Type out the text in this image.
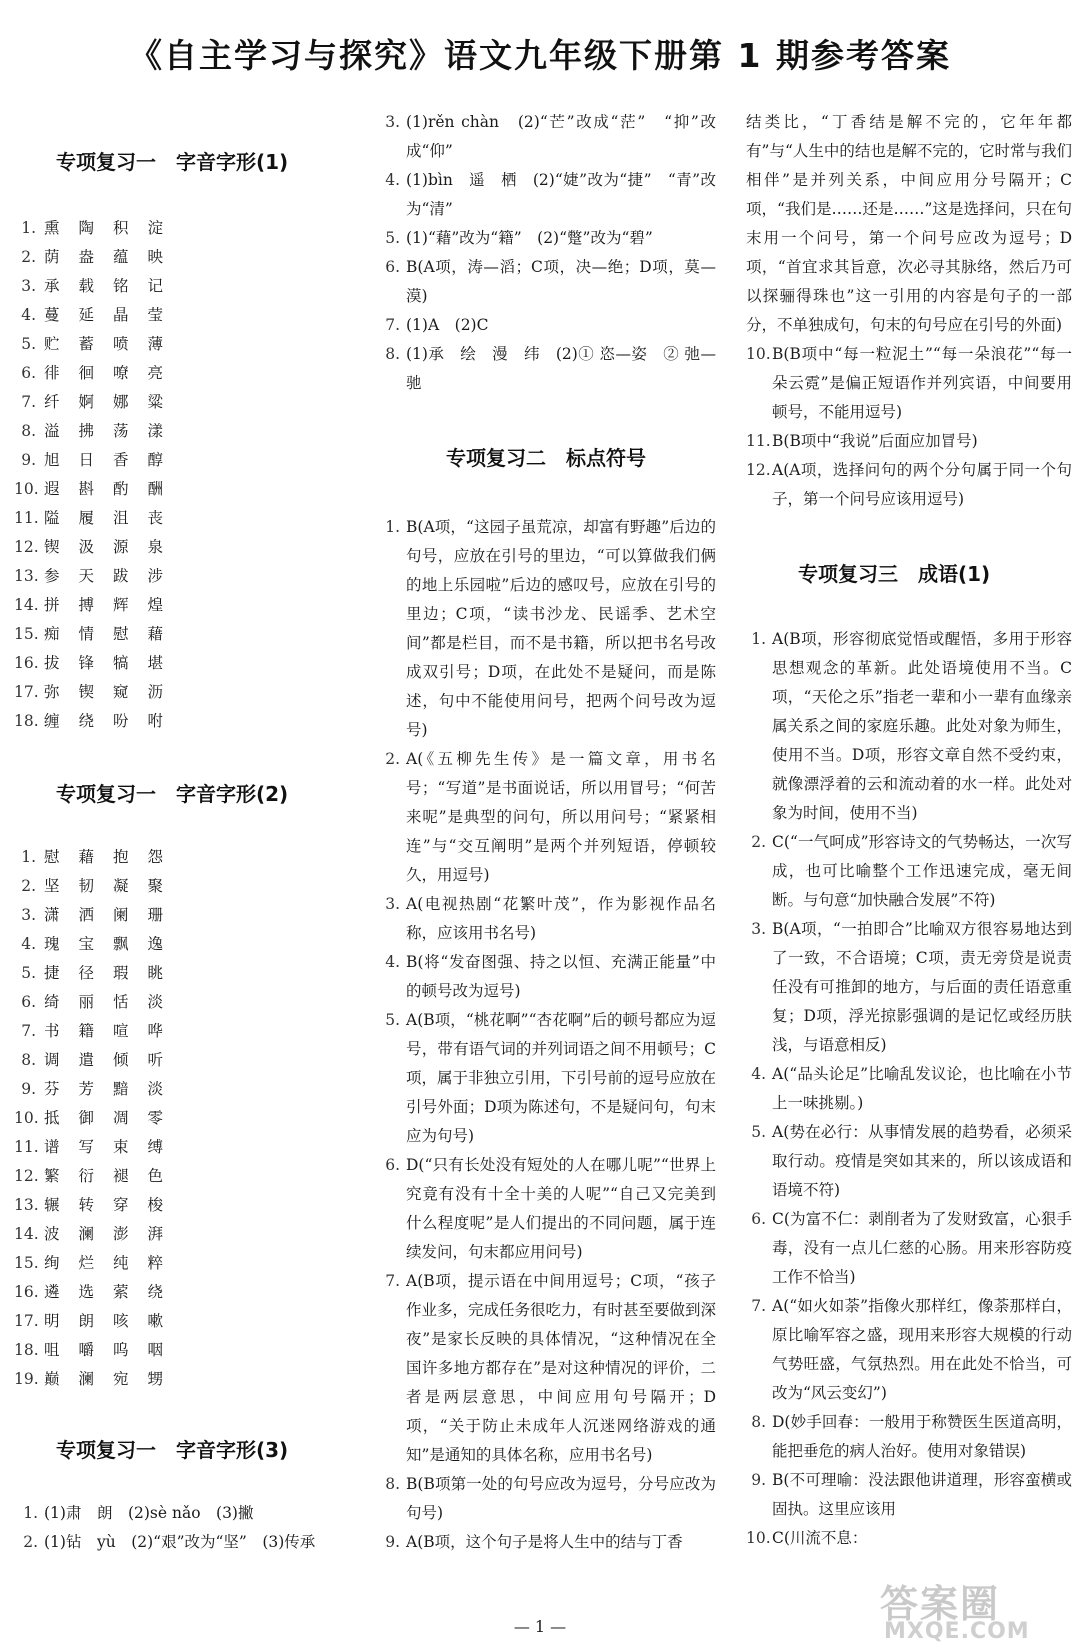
《自主学习与探究》语文九年级下册第 1 期参考答案
专项复习一　字音字形(1)
1. 熏陶积淀
2. 荫盎蕴映
3. 承载铭记
4. 蔓延晶莹
5. 贮蓄喷薄
6. 徘徊嘹亮
7. 纤婀娜粱
8. 溢拂荡漾
9. 旭日香醇
10. 遐斟酌酬
11. 隘履沮丧
12. 锲汲源泉
13. 参天跋涉
14. 拼搏辉煌
15. 痴情慰藉
16. 拔锋犒堪
17. 弥锲窥沥
18. 缠绕吩咐
专项复习一　字音字形(2)
1. 慰藉抱怨
2. 坚韧凝聚
3. 潇洒阑珊
4. 瑰宝飘逸
5. 捷径瑕眺
6. 绮丽恬淡
7. 书籍喧哗
8. 调遣倾听
9. 芬芳黯淡
10. 抵御凋零
11. 谱写束缚
12. 繁衍褪色
13. 辗转穿梭
14. 波澜澎湃
15. 绚烂纯粹
16. 遴选萦绕
17. 明朗咳嗽
18. 咀嚼呜咽
19. 巅澜宛甥
专项复习一　字音字形(3)
1. (1)肃　朗　(2)sè nǎo　(3)撇
2. (1)钻　yù　(2)“艰”改为“坚”　(3)传承
3. (1)rěn chàn　(2)“芒”改成“茫”　“抑”改成“仰”
4. (1)bìn　遥　栖　(2)“婕”改为“捷”　“青”改为“清”
5. (1)“藉”改为“籍”　(2)“蹩”改为“碧”
6. B(A项，涛—滔；C项，决—绝；D项，莫—漠)
7. (1)A　(2)C
8. (1)承　绘　漫　纬　(2)① 恣—姿　② 弛—驰
专项复习二　标点符号
1. B(A项，“这园子虽荒凉，却富有野趣”后边的句号，应放在引号的里边，“可以算做我们俩的地上乐园啦”后边的感叹号，应放在引号的里边；C项，“读书沙龙、民谣季、艺术空间”都是栏目，而不是书籍，所以把书名号改成双引号；D项，在此处不是疑问，而是陈述，句中不能使用问号，把两个问号改为逗号)
2. A(《五柳先生传》是一篇文章，用书名号；“写道”是书面说话，所以用冒号；“何苦来呢”是典型的问句，所以用问号；“紧紧相连”与“交互阐明”是两个并列短语，停顿较久，用逗号)
3. A(电视热剧“花繁叶茂”，作为影视作品名称，应该用书名号)
4. B(将“发奋图强、持之以恒、充满正能量”中的顿号改为逗号)
5. A(B项，“桃花啊”“杏花啊”后的顿号都应为逗号，带有语气词的并列词语之间不用顿号；C项，属于非独立引用，下引号前的逗号应放在引号外面；D项为陈述句，不是疑问句，句末应为句号)
6. D(“只有长处没有短处的人在哪儿呢”“世界上究竟有没有十全十美的人呢”“自己又完美到什么程度呢”是人们提出的不同问题，属于连续发问，句末都应用问号)
7. A(B项，提示语在中间用逗号；C项，“孩子作业多，完成任务很吃力，有时甚至要做到深夜”是家长反映的具体情况，“这种情况在全国许多地方都存在”是对这种情况的评价，二者是两层意思，中间应用句号隔开；D项，“关于防止未成年人沉迷网络游戏的通知”是通知的具体名称，应用书名号)
8. B(B项第一处的句号应改为逗号，分号应改为句号)
9. A(B项，这个句子是将人生中的结与丁香
结类比，“丁香结是解不完的，它年年都有”与“人生中的结也是解不完的，它时常与我们相伴”是并列关系，中间应用分号隔开；C项，“我们是……还是……”这是选择问，只在句末用一个问号，第一个问号应改为逗号；D项，“首宜求其旨意，次必寻其脉络，然后乃可以探骊得珠也”这一引用的内容是句子的一部分，不单独成句，句末的句号应在引号的外面)
10. B(B项中“每一粒泥土”“每一朵浪花”“每一朵云霓”是偏正短语作并列宾语，中间要用顿号，不能用逗号)
11. B(B项中“我说”后面应加冒号)
12. A(A项，选择问句的两个分句属于同一个句子，第一个问号应该用逗号)
专项复习三　成语(1)
1. A(B项，形容彻底觉悟或醒悟，多用于形容思想观念的革新。此处语境使用不当。C项，“天伦之乐”指老一辈和小一辈有血缘亲属关系之间的家庭乐趣。此处对象为师生，使用不当。D项，形容文章自然不受约束，就像漂浮着的云和流动着的水一样。此处对象为时间，使用不当)
2. C(“一气呵成”形容诗文的气势畅达，一次写成，也可比喻整个工作迅速完成，毫无间断。与句意“加快融合发展”不符)
3. B(A项，“一拍即合”比喻双方很容易地达到了一致，不合语境；C项，责无旁贷是说责任没有可推卸的地方，与后面的责任语意重复；D项，浮光掠影强调的是记忆或经历肤浅，与语意相反)
4. A(“品头论足”比喻乱发议论，也比喻在小节上一味挑剔。)
5. A(势在必行：从事情发展的趋势看，必须采取行动。疫情是突如其来的，所以该成语和语境不符)
6. C(为富不仁：剥削者为了发财致富，心狠手毒，没有一点儿仁慈的心肠。用来形容防疫工作不恰当)
7. A(“如火如荼”指像火那样红，像荼那样白，原比喻军容之盛，现用来形容大规模的行动气势旺盛，气氛热烈。用在此处不恰当，可改为“风云变幻”)
8. D(妙手回春：一般用于称赞医生医道高明，能把垂危的病人治好。使用对象错误)
9. B(不可理喻：没法跟他讲道理，形容蛮横或固执。这里应该用
10. C(川流不息：
— 1 —
答案圈
MXQE.COM
